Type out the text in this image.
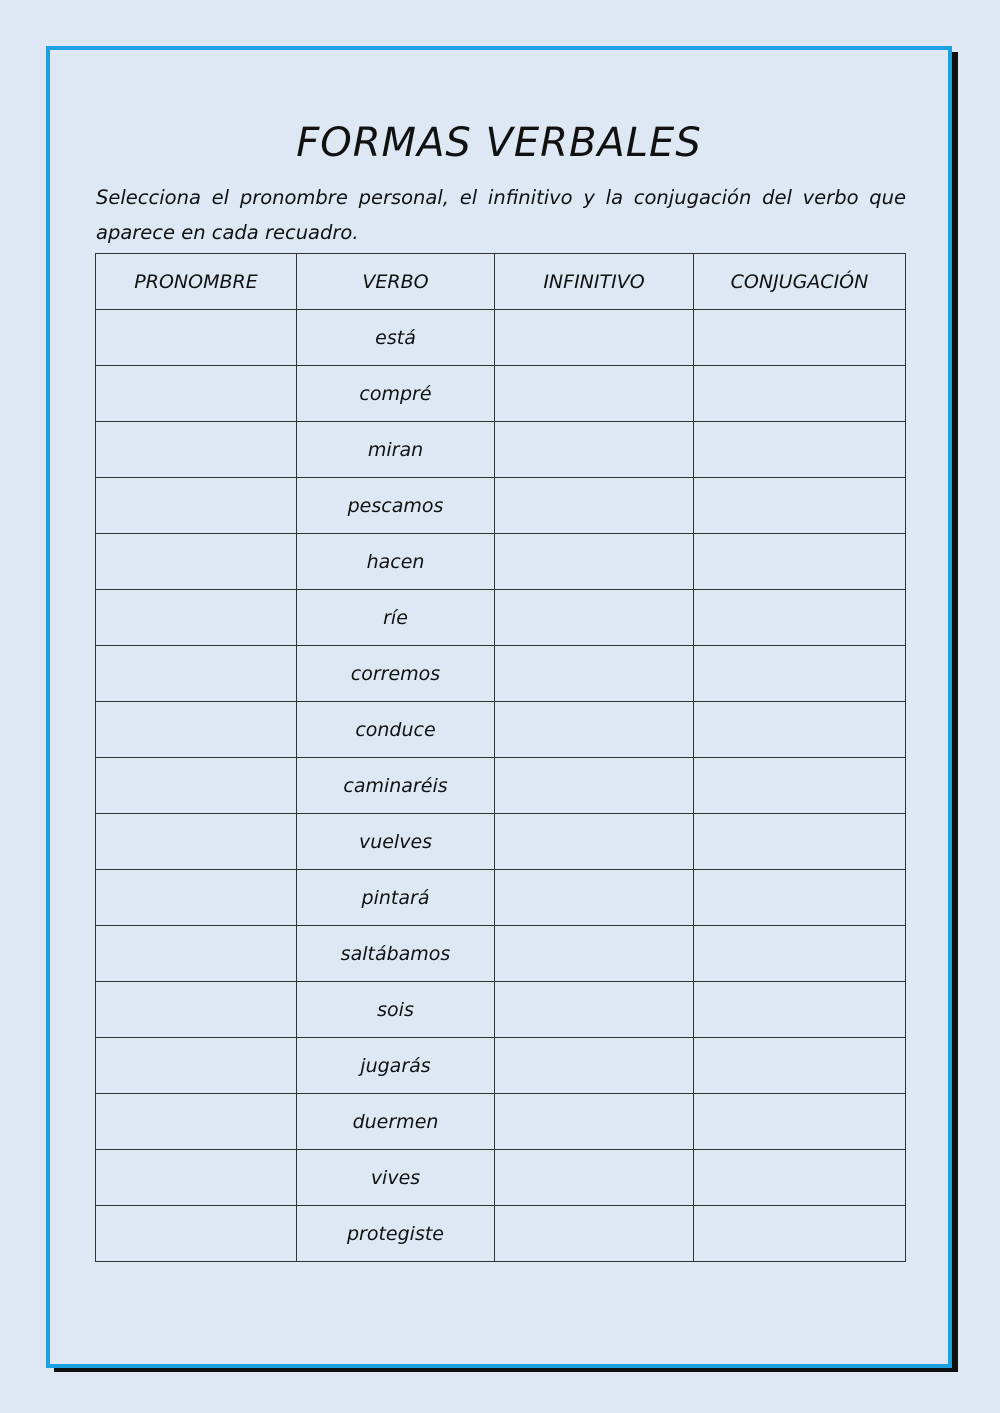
FORMAS VERBALES
Selecciona el pronombre personal, el infinitivo y la conjugación del verbo que aparece en cada recuadro.
PRONOMBRE	VERBO	INFINITIVO	CONJUGACIÓN
	está		
	compré		
	miran		
	pescamos		
	hacen		
	ríe		
	corremos		
	conduce		
	caminaréis		
	vuelves		
	pintará		
	saltábamos		
	sois		
	jugarás		
	duermen		
	vives		
	protegiste		
